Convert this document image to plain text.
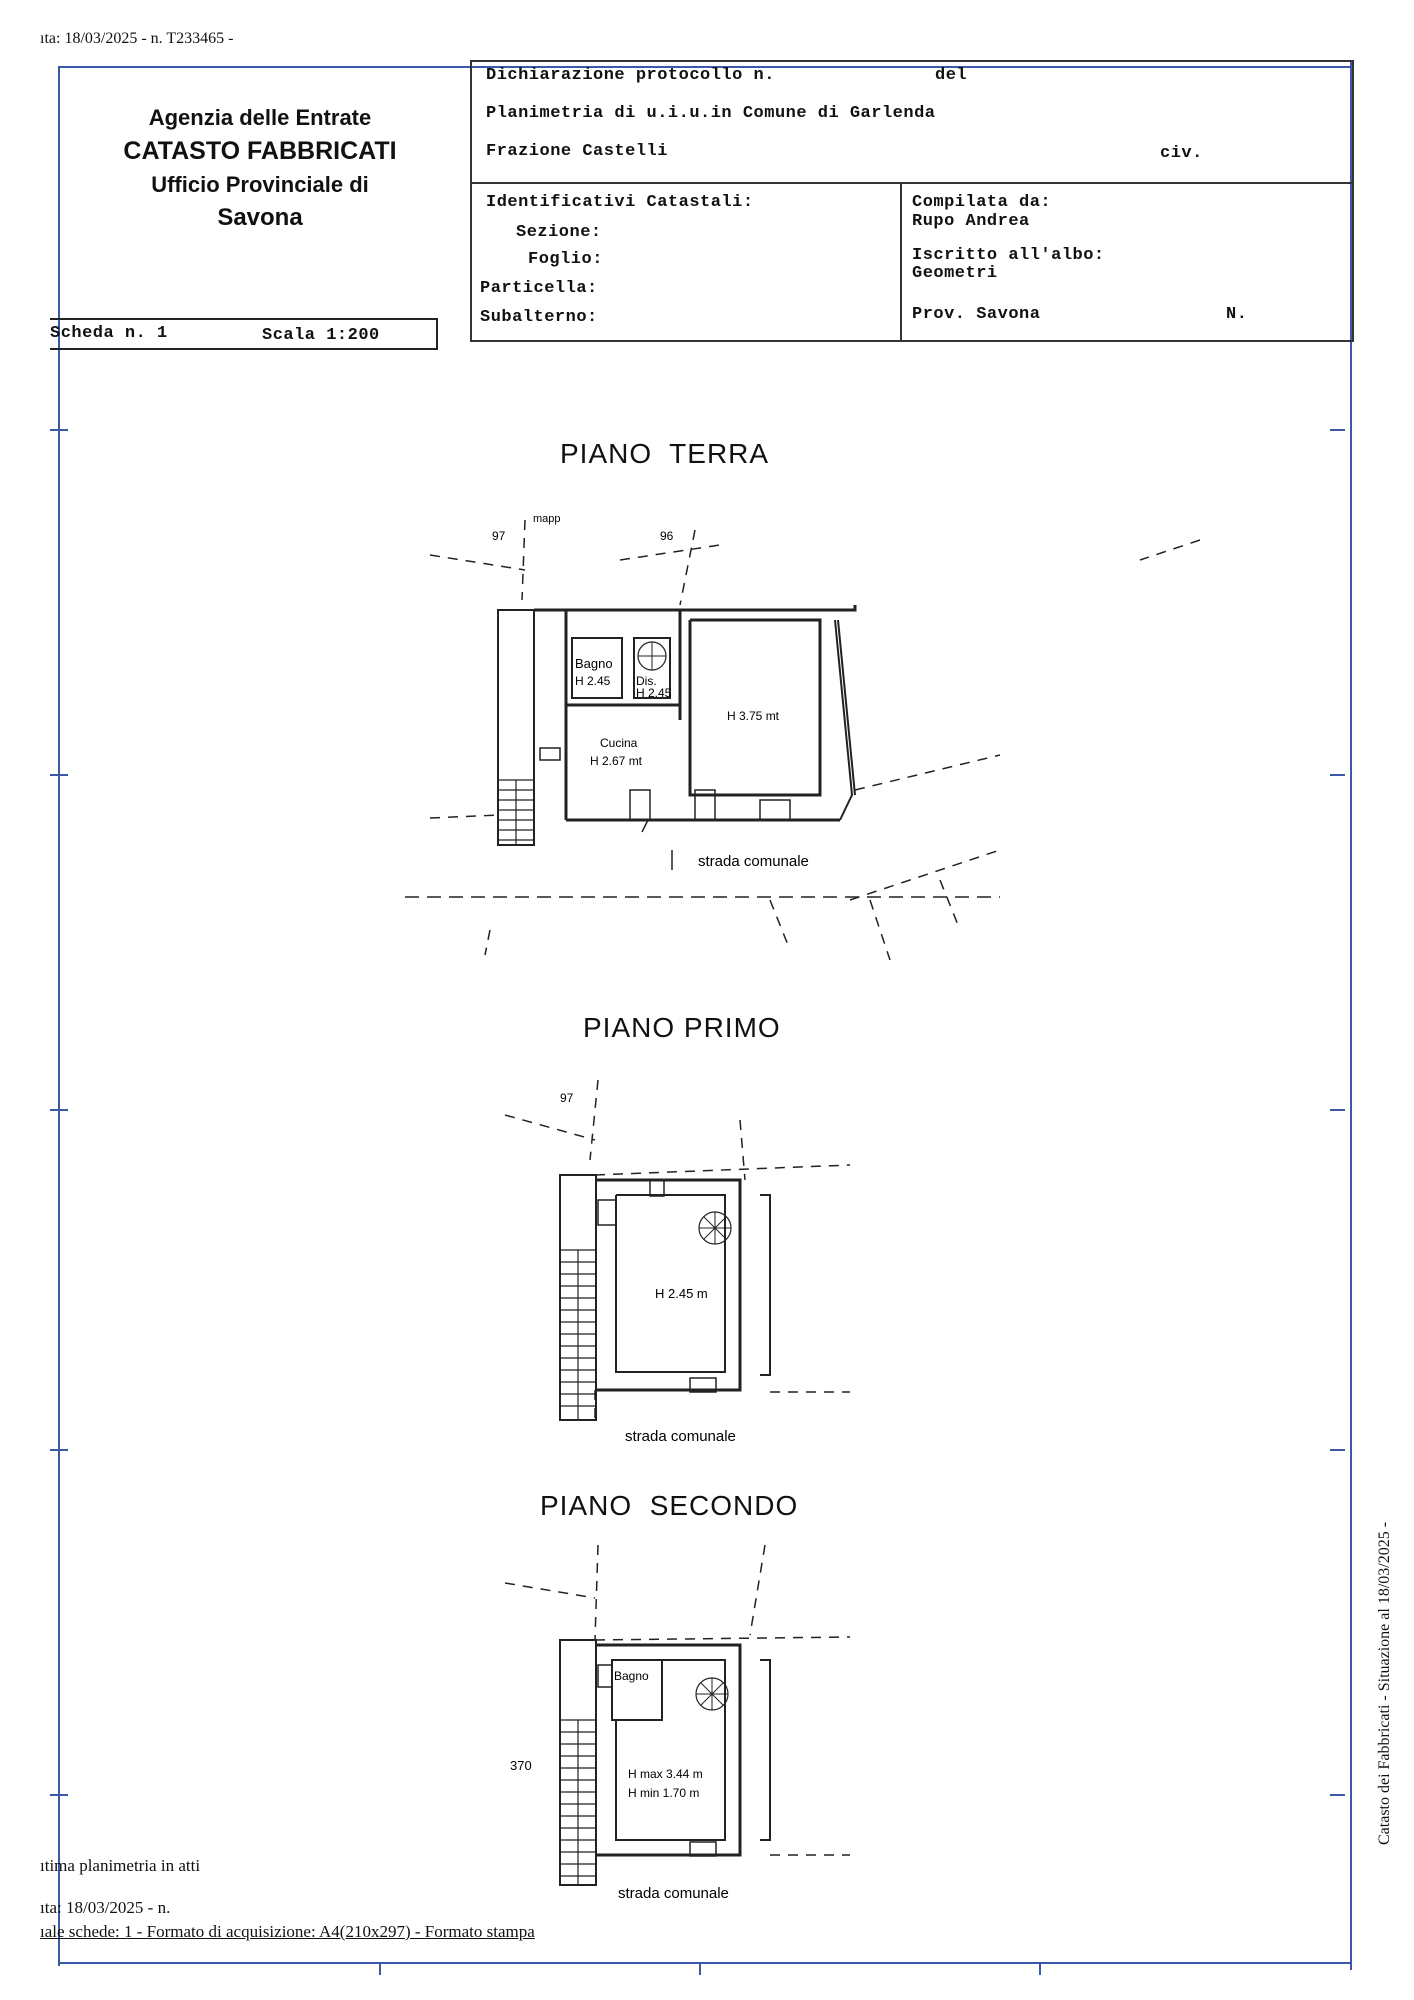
ıta: 18/03/2025 - n. T233465 -
Agenzia delle Entrate
CATASTO FABBRICATI
Ufficio Provinciale di
Savona
Scheda n. 1	Scala 1:200
Dichiarazione protocollo n.	del
Planimetria di u.i.u.in Comune di Garlenda
Frazione Castelli	civ.
Identificativi Catastali:
Sezione:
Foglio:
Particella:
Subalterno:
Compilata da:
Rupo Andrea
Iscritto all'albo:
Geometri
Prov. Savona	N.
PIANO  TERRA
PIANO PRIMO
PIANO  SECONDO
97	96
mapp
Bagno
H 2.45 Dis.
H 2.45
H 3.75 mt
Cucina
H 2.67 mt
strada comunale
97
H 2.45 m
strada comunale
Bagno
370
H max 3.44 m
H min 1.70 m
strada comunale
Catasto dei Fabbricati - Situazione al 18/03/2025 -
ıtima planimetria in atti
ıta: 18/03/2025 - n.
ıale schede: 1 - Formato di acquisizione: A4(210x297) - Formato stampa
